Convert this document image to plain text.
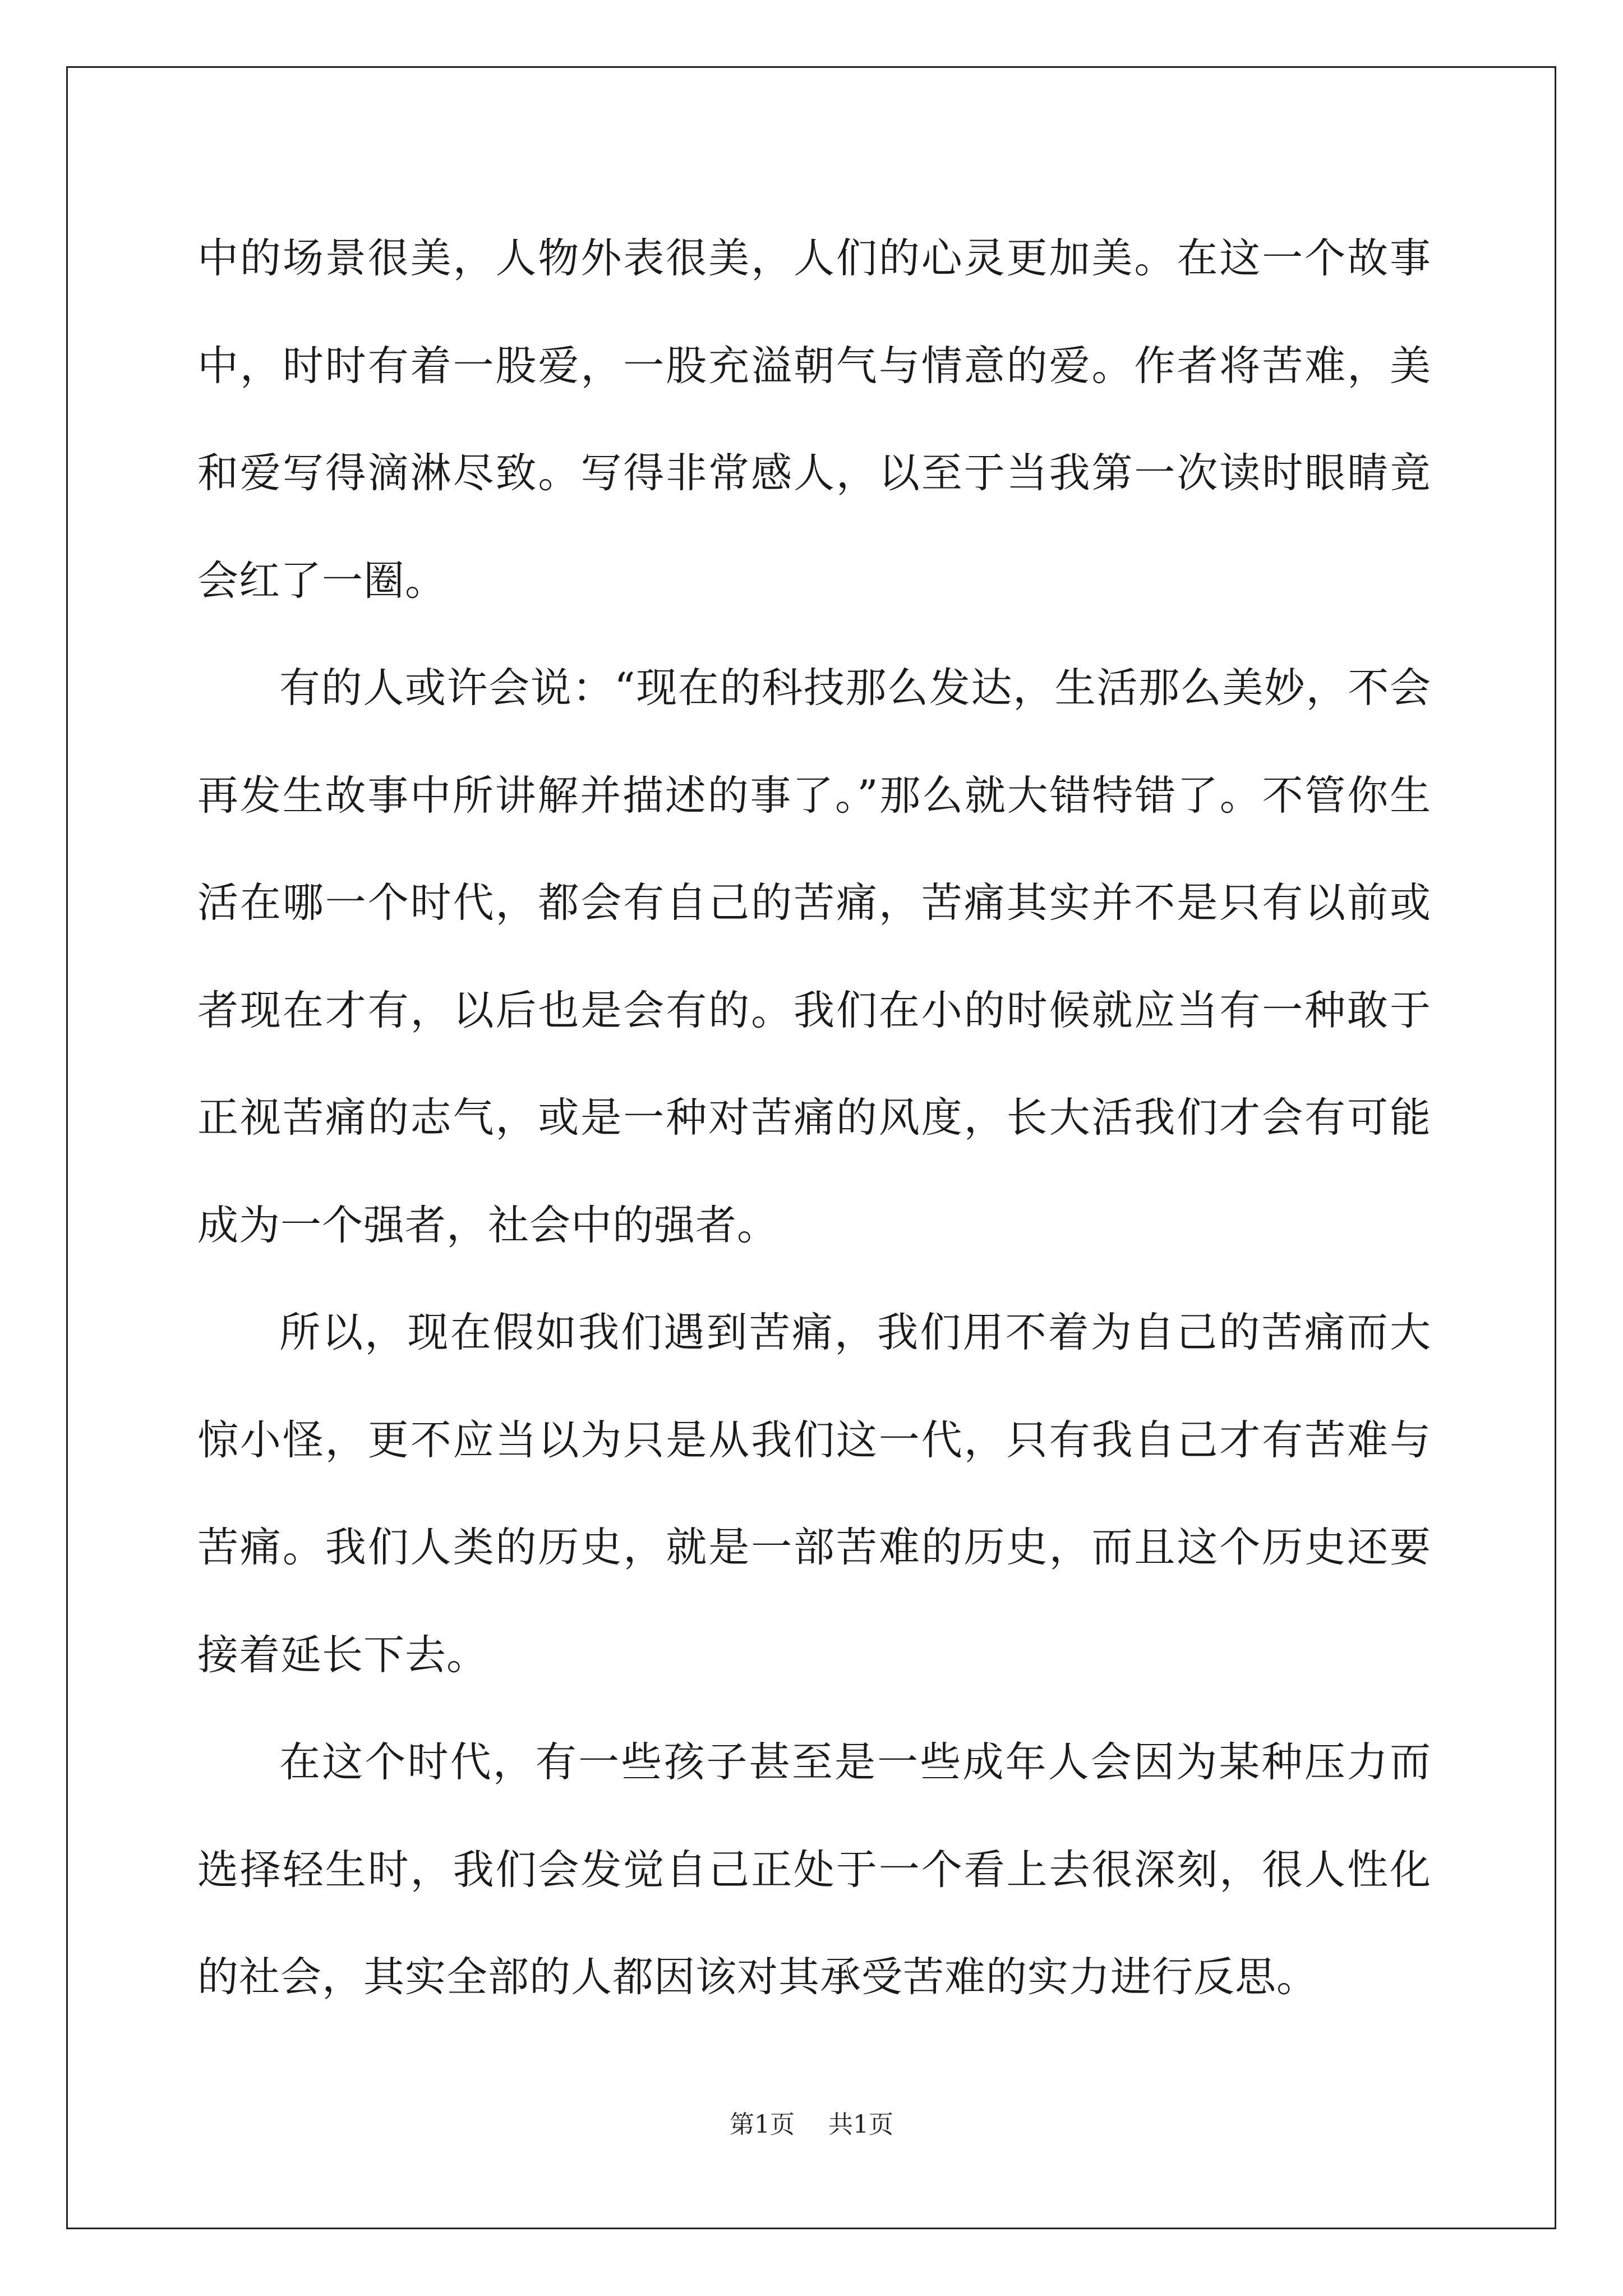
中的场景很美，人物外表很美，人们的心灵更加美。在这一个故事中，时时有着一股爱，一股充溢朝气与情意的爱。作者将苦难，美和爱写得滴淋尽致。写得非常感人，以至于当我第一次读时眼睛竟会红了一圈。

有的人或许会说：“现在的科技那么发达，生活那么美妙，不会再发生故事中所讲解并描述的事了。”那么就大错特错了。不管你生活在哪一个时代，都会有自己的苦痛，苦痛其实并不是只有以前或者现在才有，以后也是会有的。我们在小的时候就应当有一种敢于正视苦痛的志气，或是一种对苦痛的风度，长大活我们才会有可能成为一个强者，社会中的强者。

所以，现在假如我们遇到苦痛，我们用不着为自己的苦痛而大惊小怪，更不应当以为只是从我们这一代，只有我自己才有苦难与苦痛。我们人类的历史，就是一部苦难的历史，而且这个历史还要接着延长下去。

在这个时代，有一些孩子甚至是一些成年人会因为某种压力而选择轻生时，我们会发觉自己正处于一个看上去很深刻，很人性化的社会，其实全部的人都因该对其承受苦难的实力进行反思。

第1页 共1页
